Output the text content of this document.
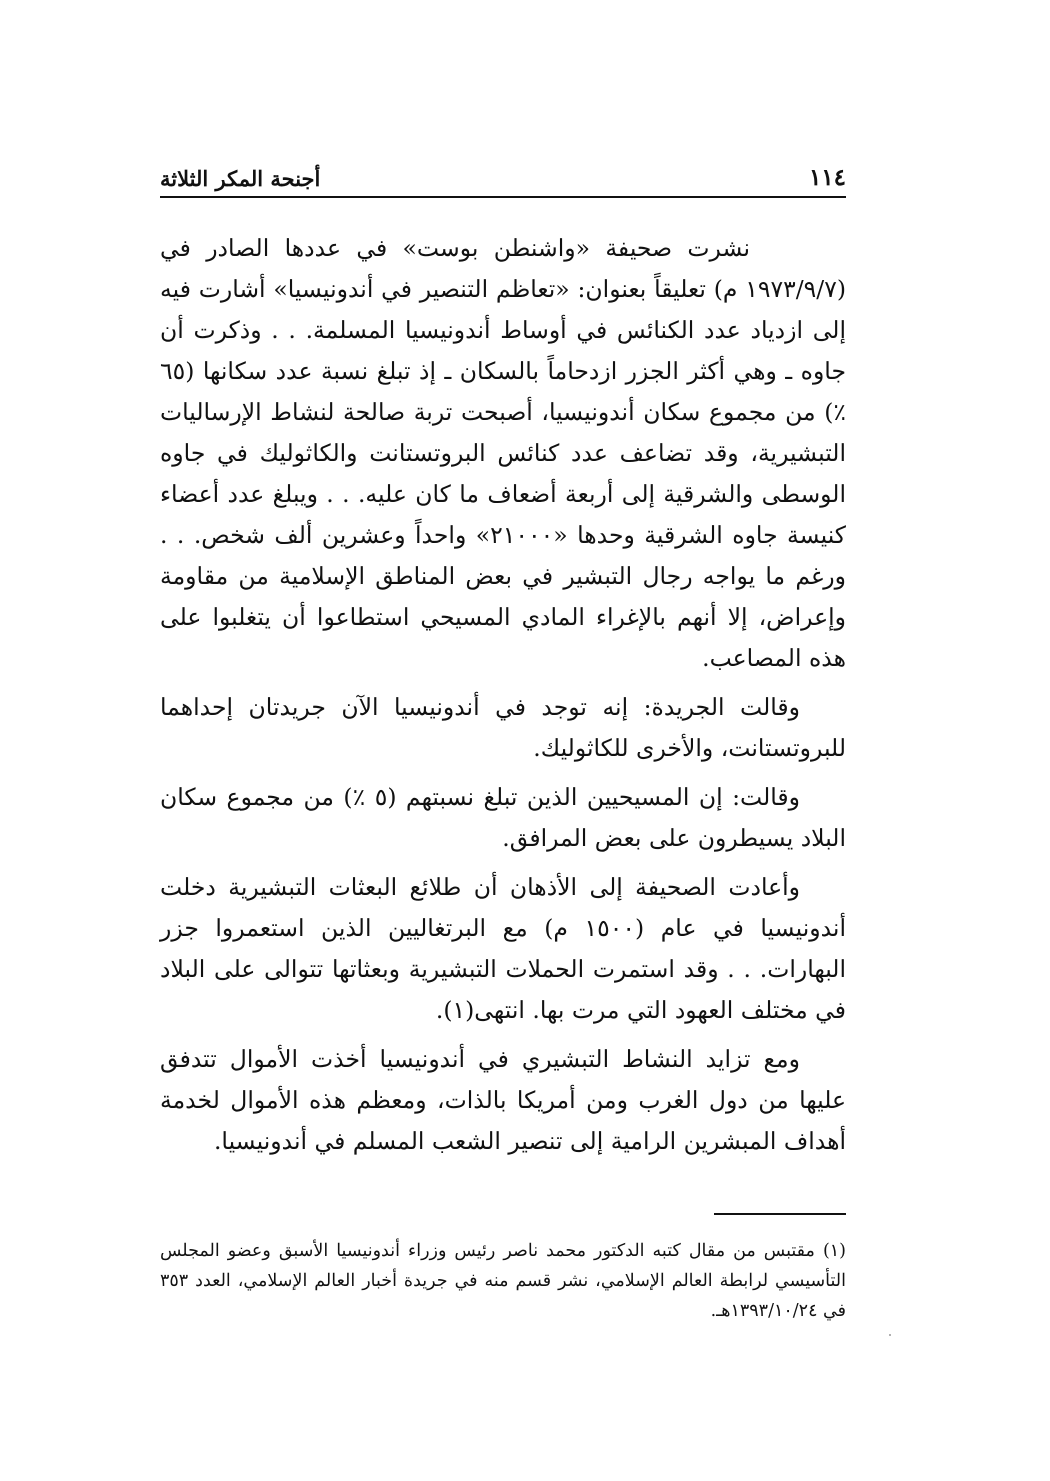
١١٤
أجنحة المكر الثلاثة

نشرت صحيفة «واشنطن بوست» في عددها الصادر في (١٩٧٣/٩/٧ م) تعليقاً بعنوان: «تعاظم التنصير في أندونيسيا» أشارت فيه إلى ازدياد عدد الكنائس في أوساط أندونيسيا المسلمة. . . وذكرت أن جاوه ـ وهي أكثر الجزر ازدحاماً بالسكان ـ إذ تبلغ نسبة عدد سكانها (٦٥ ٪) من مجموع سكان أندونيسيا، أصبحت تربة صالحة لنشاط الإرساليات التبشيرية، وقد تضاعف عدد كنائس البروتستانت والكاثوليك في جاوه الوسطى والشرقية إلى أربعة أضعاف ما كان عليه. . . ويبلغ عدد أعضاء كنيسة جاوه الشرقية وحدها «٢١٠٠٠» واحداً وعشرين ألف شخص. . . ورغم ما يواجه رجال التبشير في بعض المناطق الإسلامية من مقاومة وإعراض، إلا أنهم بالإغراء المادي المسيحي استطاعوا أن يتغلبوا على هذه المصاعب.

وقالت الجريدة: إنه توجد في أندونيسيا الآن جريدتان إحداهما للبروتستانت، والأخرى للكاثوليك.

وقالت: إن المسيحيين الذين تبلغ نسبتهم (٥ ٪) من مجموع سكان البلاد يسيطرون على بعض المرافق.

وأعادت الصحيفة إلى الأذهان أن طلائع البعثات التبشيرية دخلت أندونيسيا في عام (١٥٠٠ م) مع البرتغاليين الذين استعمروا جزر البهارات. . . وقد استمرت الحملات التبشيرية وبعثاتها تتوالى على البلاد في مختلف العهود التي مرت بها. انتهى(١).

ومع تزايد النشاط التبشيري في أندونيسيا أخذت الأموال تتدفق عليها من دول الغرب ومن أمريكا بالذات، ومعظم هذه الأموال لخدمة أهداف المبشرين الرامية إلى تنصير الشعب المسلم في أندونيسيا.

(١) مقتبس من مقال كتبه الدكتور محمد ناصر رئيس وزراء أندونيسيا الأسبق وعضو المجلس التأسيسي لرابطة العالم الإسلامي، نشر قسم منه في جريدة أخبار العالم الإسلامي، العدد ٣٥٣ في ١٣٩٣/١٠/٢٤هـ.
